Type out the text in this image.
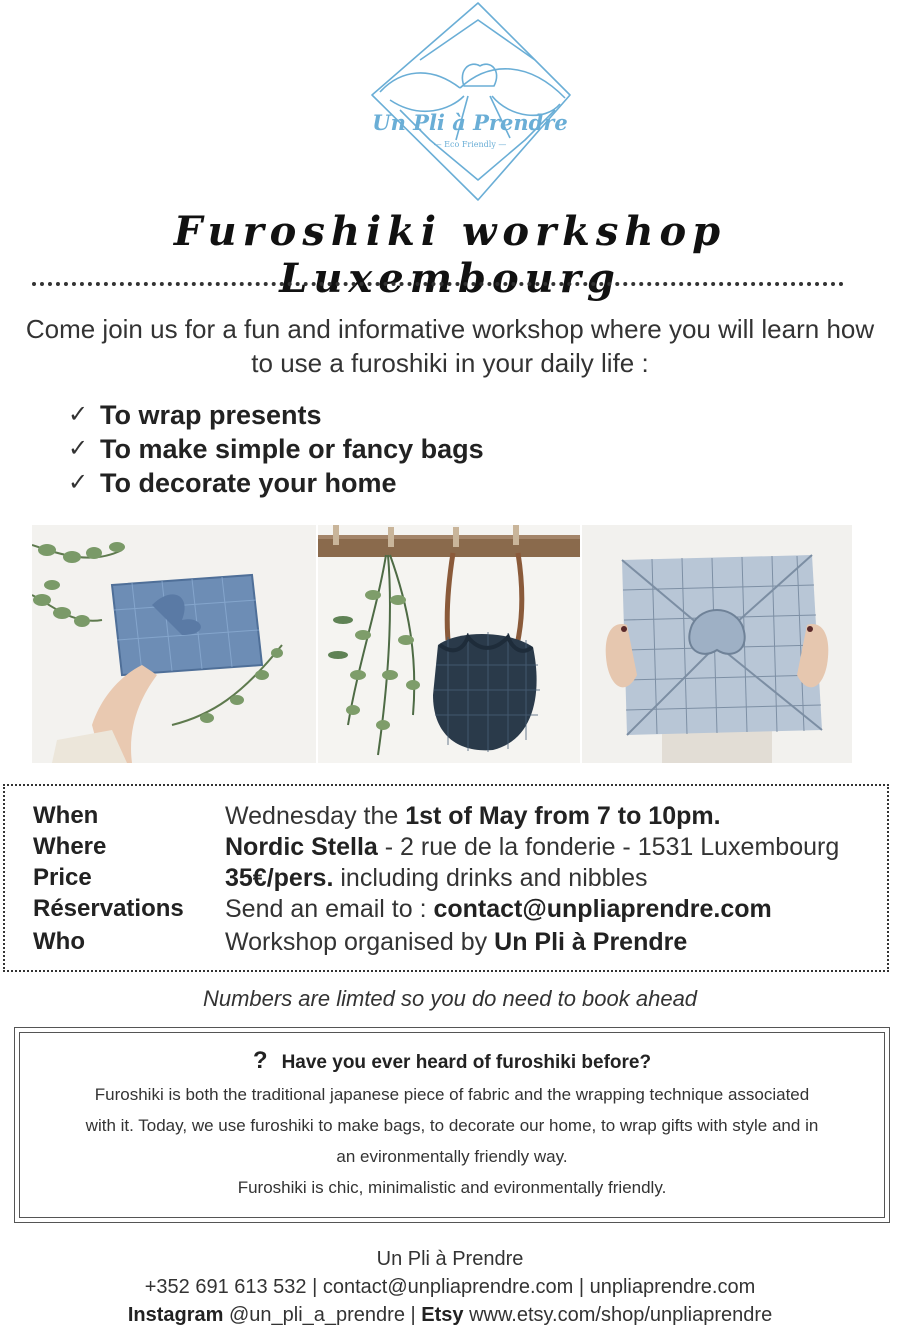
Un Pli à Prendre
— Eco Friendly —
Furoshiki workshop Luxembourg
Come join us for a fun and informative workshop where you will learn how to use a furoshiki in your daily life :
✓ To wrap presents
✓ To make simple or fancy bags
✓ To decorate your home
When	Wednesday the 1st of May from 7 to 10pm.
Where	Nordic Stella - 2 rue de la fonderie - 1531 Luxembourg
Price	35€/pers. including drinks and nibbles
Réservations	Send an email to : contact@unpliaprendre.com
Who	Workshop organised by Un Pli à Prendre
Numbers are limted so you do need to book ahead
? Have you ever heard of furoshiki before?
Furoshiki is both the traditional japanese piece of fabric and the wrapping technique associated
with it. Today, we use furoshiki to make bags, to decorate our home, to wrap gifts with style and in
an evironmentally friendly way.
Furoshiki is chic, minimalistic and evironmentally friendly.
Un Pli à Prendre
+352 691 613 532 | contact@unpliaprendre.com | unpliaprendre.com
Instagram @un_pli_a_prendre | Etsy www.etsy.com/shop/unpliaprendre
